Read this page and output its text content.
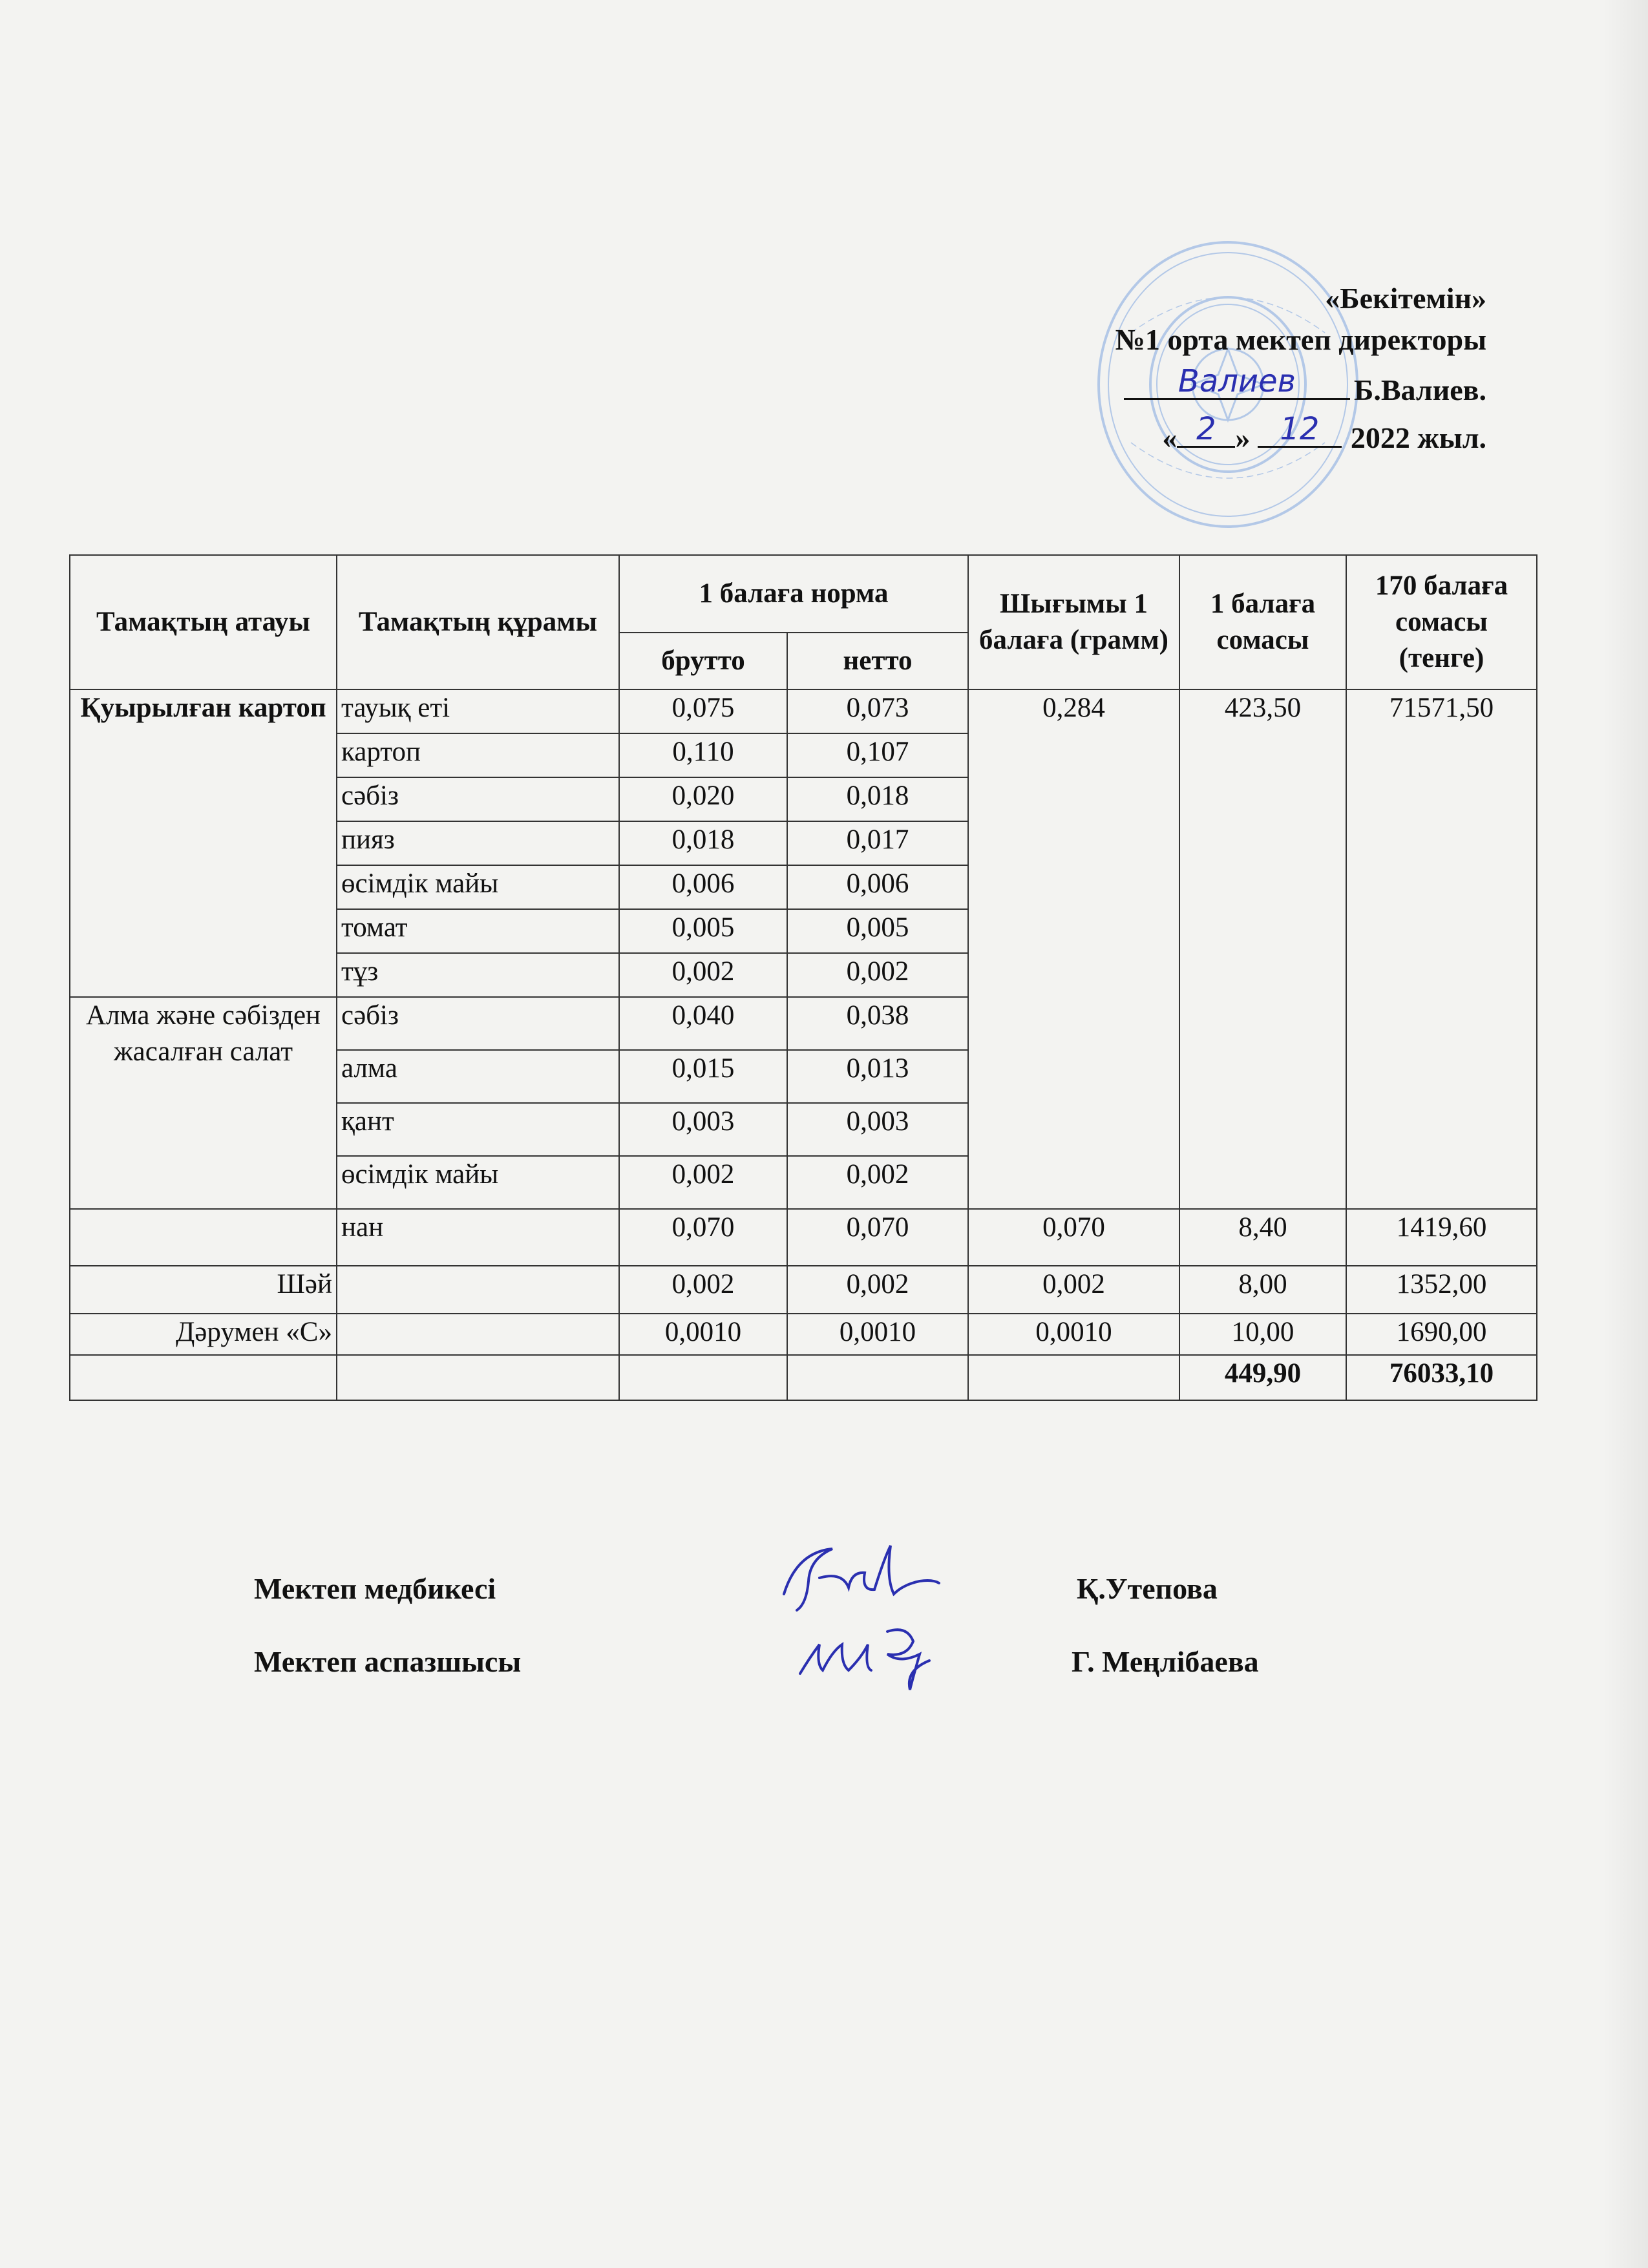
«Бекітемін»
№1 орта мектеп директоры
Валиев	Б.Валиев.
« 2 » 12	2022 жыл.
Тамақтың атауы	Тамақтың құрамы	1 балаға норма		Шығымы 1 балаға (грамм)	1 балаға сомасы	170 балаға сомасы (тенге)
		брутто	нетто			
Қуырылған картоп	тауық еті	0,075	0,073	0,284	423,50	71571,50
	картоп	0,110	0,107			
	сәбіз	0,020	0,018			
	пияз	0,018	0,017			
	өсімдік майы	0,006	0,006			
	томат	0,005	0,005			
	тұз	0,002	0,002			
Алма және сәбізден жасалған салат	сәбіз	0,040	0,038			
	алма	0,015	0,013			
	қант	0,003	0,003			
	өсімдік майы	0,002	0,002			
	нан	0,070	0,070	0,070	8,40	1419,60
Шәй		0,002	0,002	0,002	8,00	1352,00
Дәрумен «С»		0,0010	0,0010	0,0010	10,00	1690,00
					449,90	76033,10
Мектеп медбикесі	Қ.Утепова
Мектеп аспазшысы	Г. Меңлібаева
